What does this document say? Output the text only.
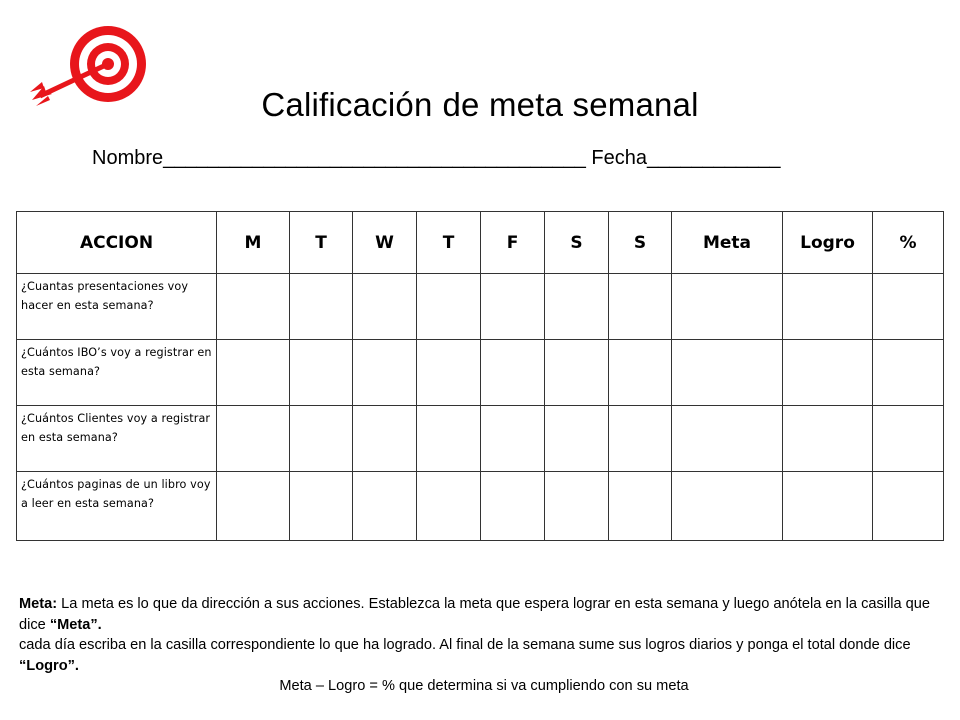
Calificación de meta semanal
Nombre______________________________________ Fecha____________
ACCION	M	T	W	T	F	S	S	Meta	Logro	%
¿Cuantas presentaciones voy hacer en esta semana?										
¿Cuántos IBO’s voy a registrar en esta semana?										
¿Cuántos Clientes voy a registrar en esta semana?										
¿Cuántos paginas de un libro voy a leer en esta semana?										
Meta: La meta es lo que da dirección a sus acciones. Establezca la meta que espera lograr en esta semana y luego anótela en la casilla que dice “Meta”.
cada día escriba en la casilla correspondiente lo que ha logrado. Al final de la semana sume sus logros diarios y ponga el total donde dice “Logro”.
Meta – Logro = % que determina si va cumpliendo con su meta
